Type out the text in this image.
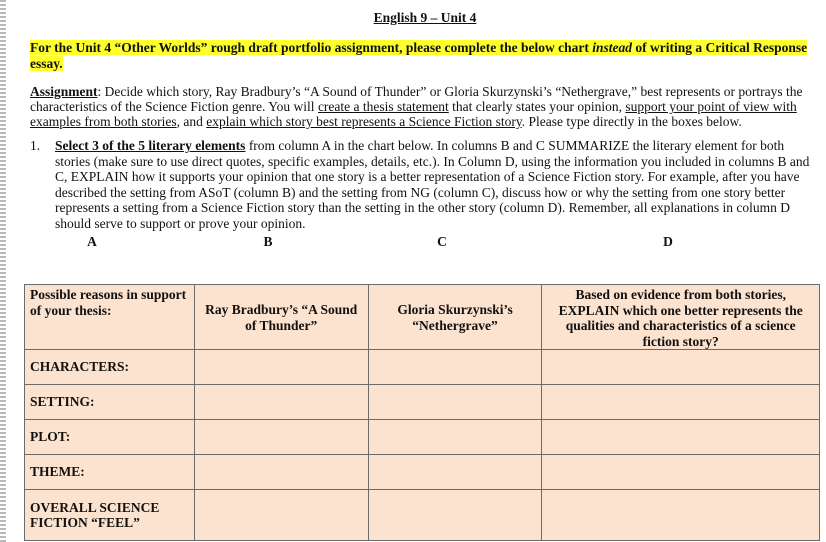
English 9 – Unit 4
For the Unit 4 “Other Worlds” rough draft portfolio assignment, please complete the below chart instead of writing a Critical Response essay.
Assignment: Decide which story, Ray Bradbury’s “A Sound of Thunder” or Gloria Skurzynski’s “Nethergrave,” best represents or portrays the characteristics of the Science Fiction genre. You will create a thesis statement that clearly states your opinion, support your point of view with examples from both stories, and explain which story best represents a Science Fiction story. Please type directly in the boxes below.
1.	Select 3 of the 5 literary elements from column A in the chart below. In columns B and C SUMMARIZE the literary element for both stories (make sure to use direct quotes, specific examples, details, etc.). In Column D, using the information you included in columns B and C, EXPLAIN how it supports your opinion that one story is a better representation of a Science Fiction story. For example, after you have described the setting from ASoT (column B) and the setting from NG (column C), discuss how or why the setting from one story better represents a setting from a Science Fiction story than the setting in the other story (column D). Remember, all explanations in column D should serve to support or prove your opinion.
A	B	C	D
Possible reasons in support of your thesis:	Ray Bradbury’s “A Sound of Thunder”	Gloria Skurzynski’s “Nethergrave”	Based on evidence from both stories, EXPLAIN which one better represents the qualities and characteristics of a science fiction story?
CHARACTERS:			
SETTING:			
PLOT:			
THEME:			
OVERALL SCIENCE FICTION “FEEL”			
